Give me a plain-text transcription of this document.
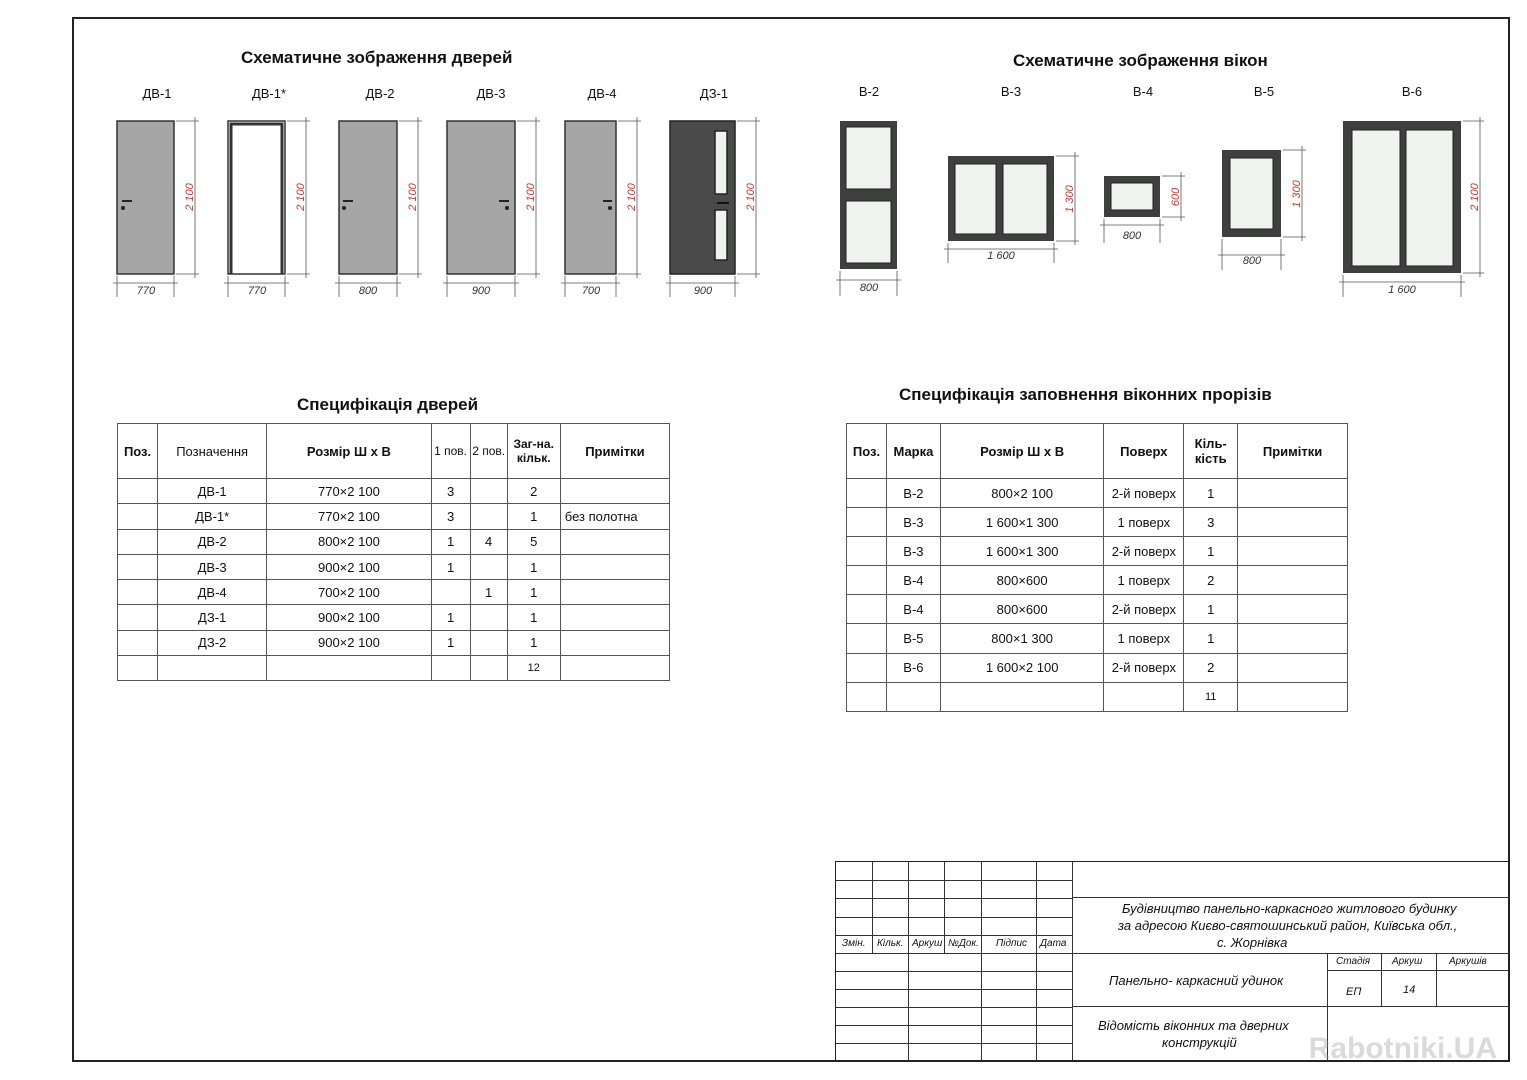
Схематичне зображення дверей	Схематичне зображення вікон
ДВ-1	ДВ-1*	ДВ-2	ДВ-3	ДВ-4	ДЗ-1	В-2	В-3	В-4	В-5	В-6
770	770	800	900	700	900
2 100	2 100	2 100	2 100	2 100	2 100
800
1 600
800
800
1 600
1 300	600	1 300	2 100
Специфікація дверей
Специфікація заповнення віконних прорізів
Поз.	Позначення	Розмір Ш х В	1 пов.	2 пов.	Заг-на. кільк.	Примітки
	ДВ-1	770×2 100	3		2	
	ДВ-1*	770×2 100	3		1	без полотна
	ДВ-2	800×2 100	1	4	5	
	ДВ-3	900×2 100	1		1	
	ДВ-4	700×2 100		1	1	
	ДЗ-1	900×2 100	1		1	
	ДЗ-2	900×2 100	1		1	
					12	
Поз.	Марка	Розмір Ш х В	Поверх	Кіль-кість	Примітки
	В-2	800×2 100	2-й поверх	1	
	В-3	1 600×1 300	1 поверх	3	
	В-3	1 600×1 300	2-й поверх	1	
	В-4	800×600	1 поверх	2	
	В-4	800×600	2-й поверх	1	
	В-5	800×1 300	1 поверх	1	
	В-6	1 600×2 100	2-й поверх	2	
				11	
Змін. Кільк. Аркуш №Док. Підпис Дата
Будівництво панельно-каркасного житлового будинку
за адресою Києво-святошинський район, Київська обл.,
с. Жорнівка
Панельно- каркасний удинок
Стадія Аркуш	Аркушів
ЕП	14
Відомість віконних та дверних
конструкцій Rabotniki.UA
